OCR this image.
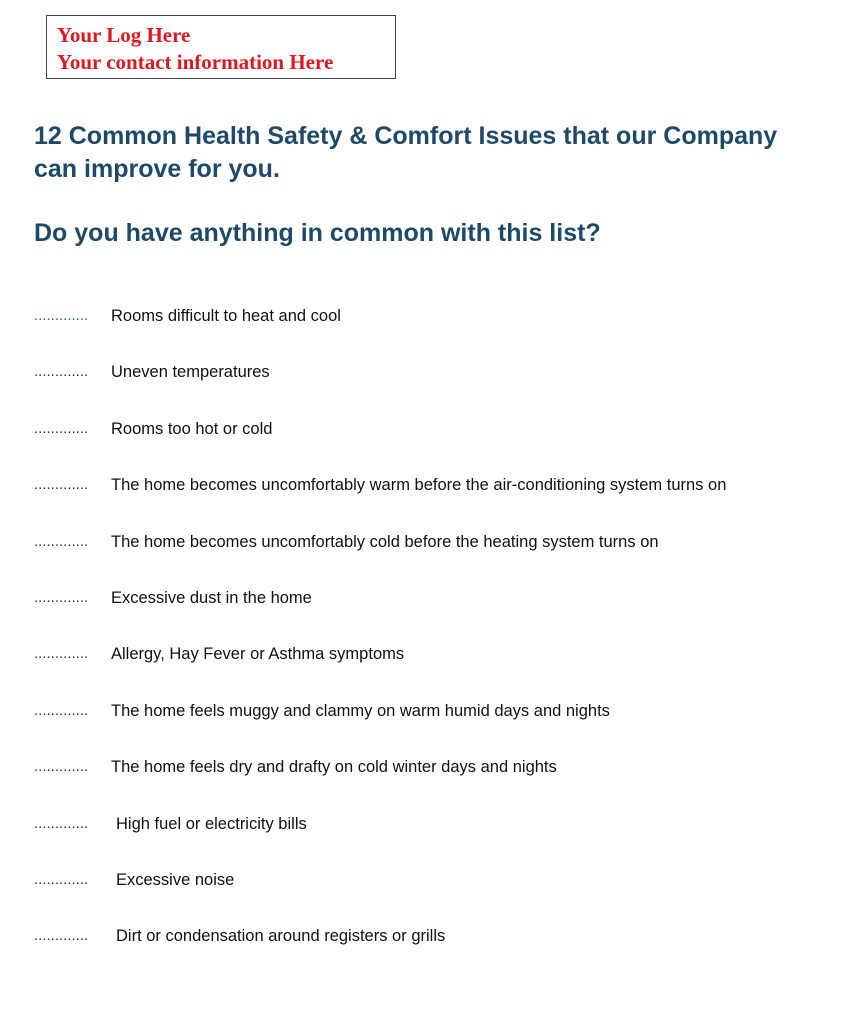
Your Log Here
Your contact information Here
12 Common Health Safety & Comfort Issues that our Company
can improve for you.
Do you have anything in common with this list?
.............	Rooms difficult to heat and cool
.............	Uneven temperatures
.............	Rooms too hot or cold
.............	The home becomes uncomfortably warm before the air-conditioning system turns on
.............	The home becomes uncomfortably cold before the heating system turns on
.............	Excessive dust in the home
.............	Allergy, Hay Fever or Asthma symptoms
.............	The home feels muggy and clammy on warm humid days and nights
.............	The home feels dry and drafty on cold winter days and nights
.............	High fuel or electricity bills
.............	Excessive noise
.............	Dirt or condensation around registers or grills
